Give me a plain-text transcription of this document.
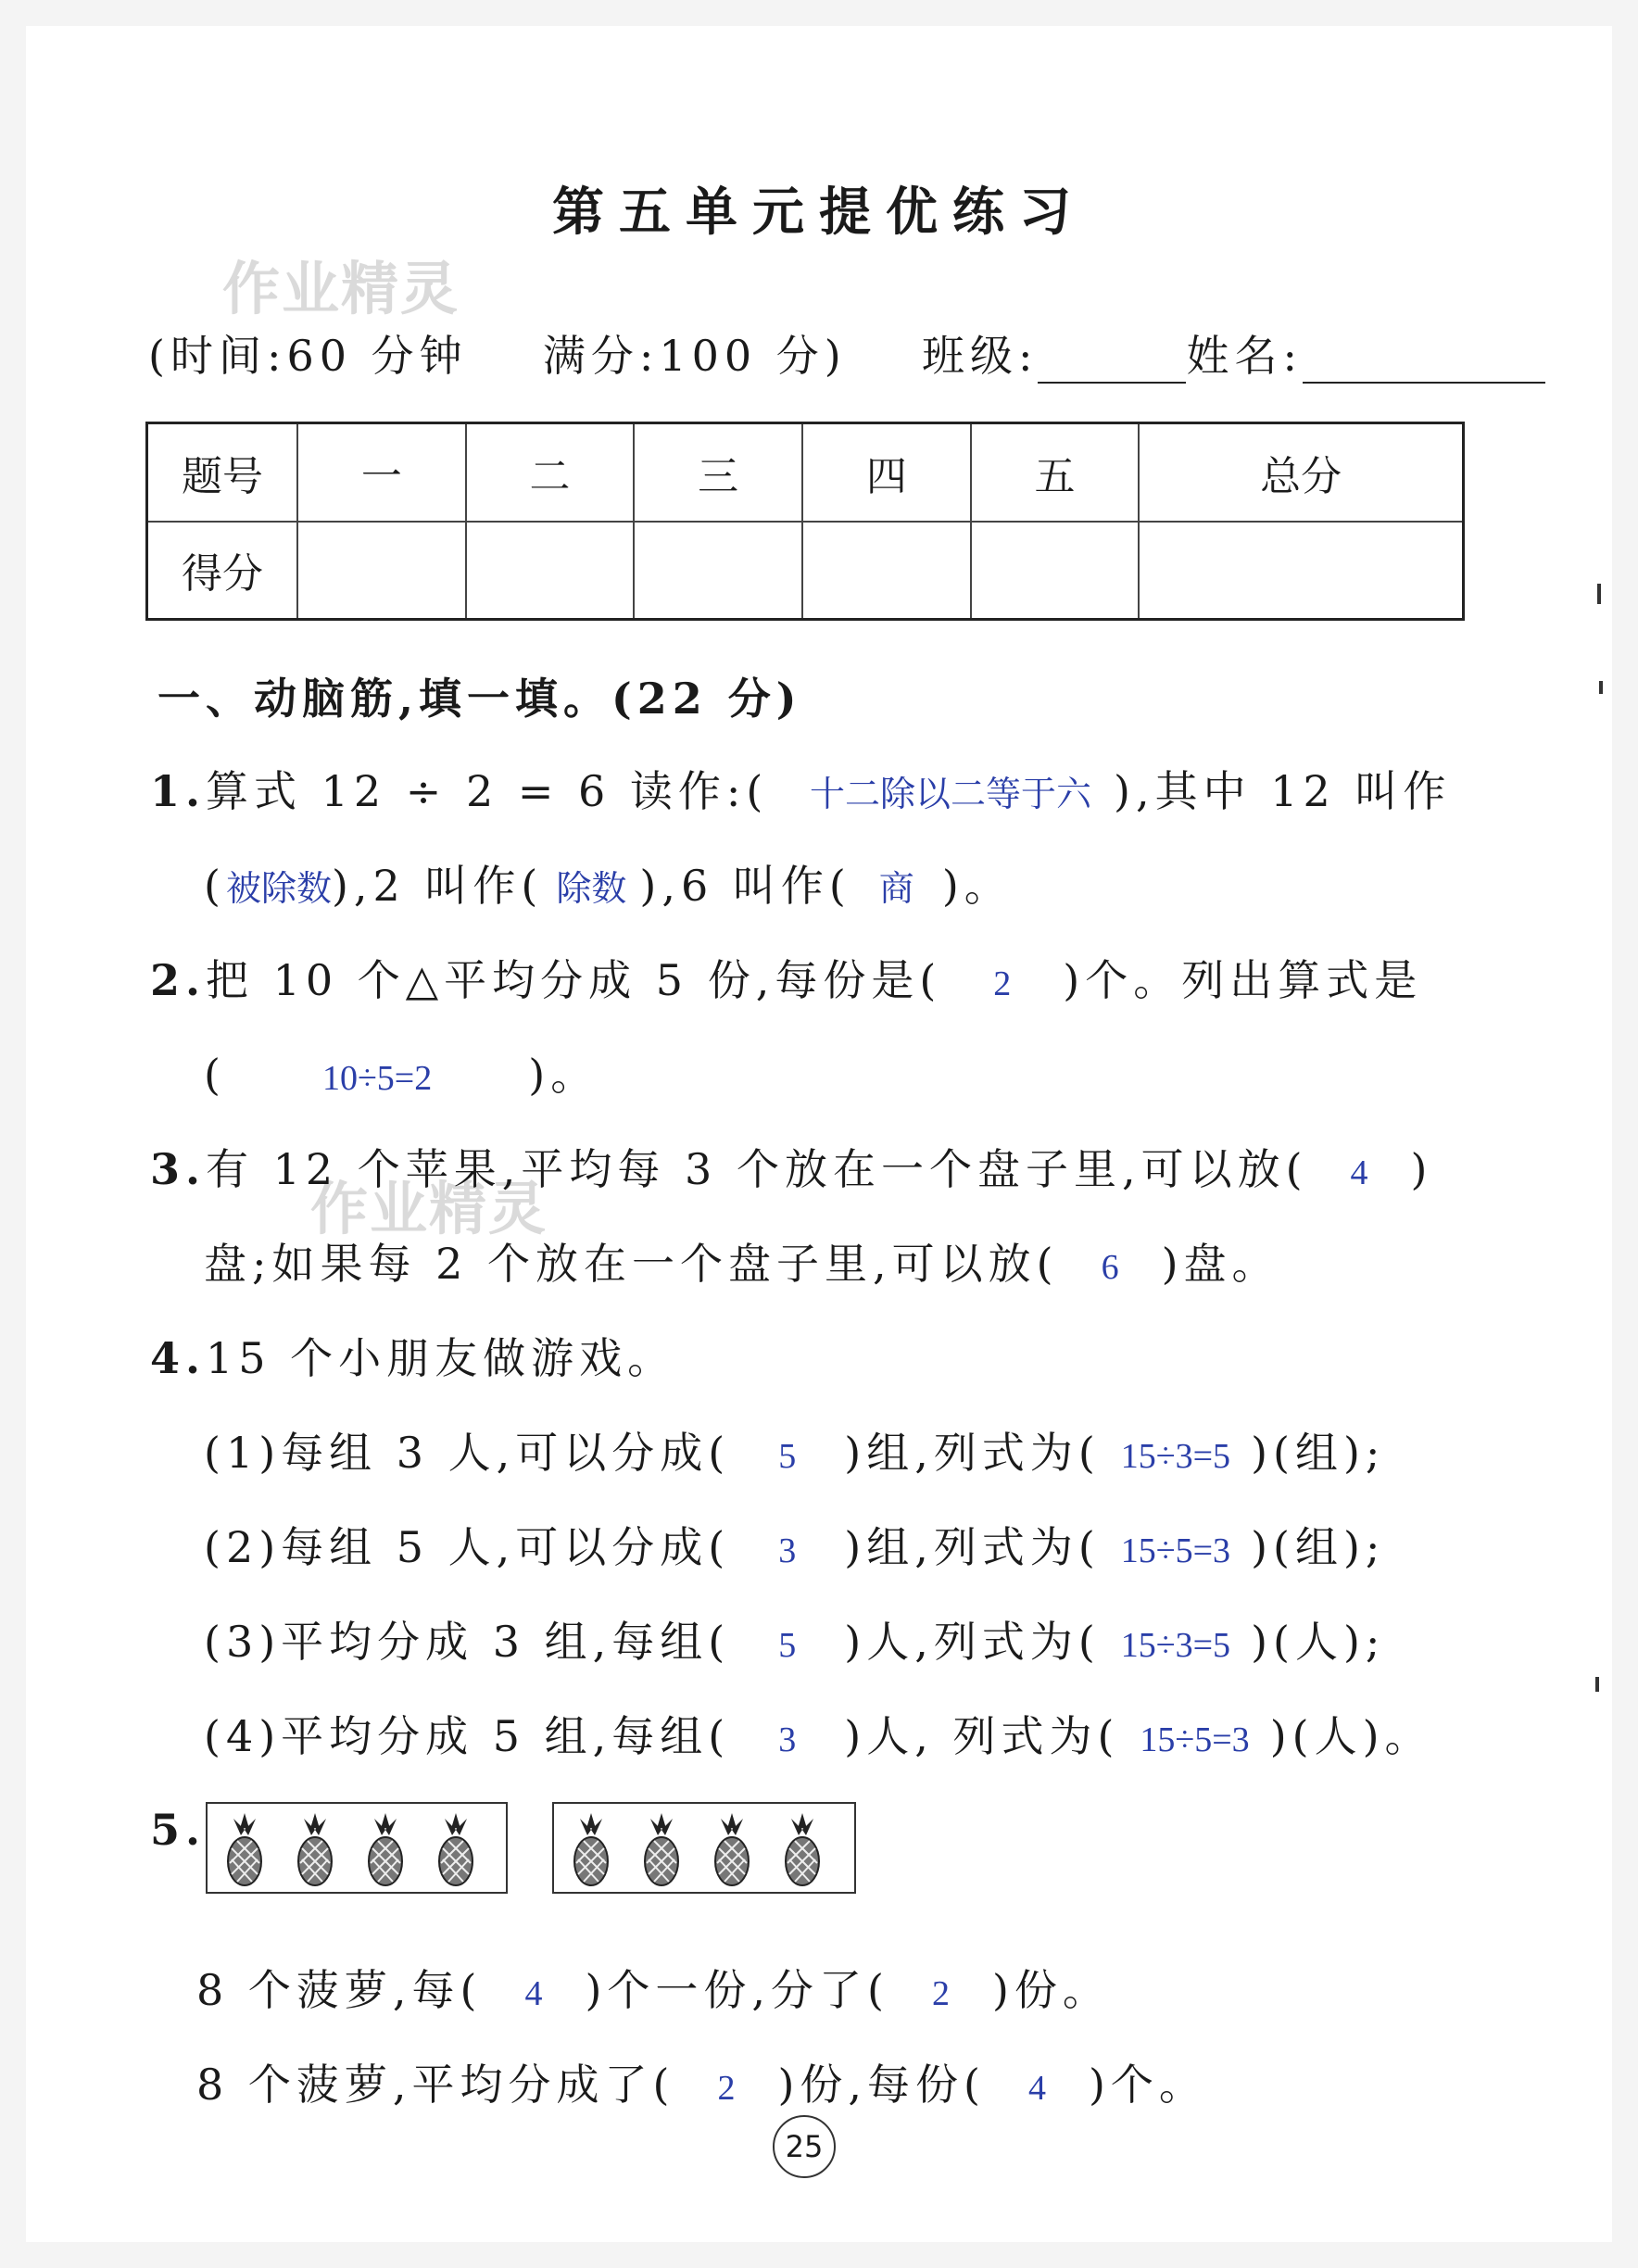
第五单元提优练习
作业精灵
作业精灵
(时间:60 分钟 满分:100 分) 班级:	姓名:
题号	一	二	三	四	五	总分
得分						
一、动脑筋,填一填。(22 分)
1.算式 12 ÷ 2 = 6 读作:( 十二除以二等于六 ),其中 12 叫作
(被除数),2 叫作( 除数 ),6 叫作( 商 )。
2.把 10 个△平均分成 5 份,每份是( 2 )个。列出算式是
(	10÷5=2 )。
3.有 12 个苹果,平均每 3 个放在一个盘子里,可以放( 4 )
盘;如果每 2 个放在一个盘子里,可以放( 6 )盘。
4.15 个小朋友做游戏。
(1)每组 3 人,可以分成( 5 )组,列式为( 15÷3=5 )(组);
(2)每组 5 人,可以分成( 3 )组,列式为( 15÷5=3 )(组);
(3)平均分成 3 组,每组( 5 )人,列式为( 15÷3=5 )(人);
(4)平均分成 5 组,每组( 3 )人, 列式为( 15÷5=3 )(人)。
5.
8 个菠萝,每( 4 )个一份,分了( 2 )份。
8 个菠萝,平均分成了( 2 )份,每份( 4 )个。
25
